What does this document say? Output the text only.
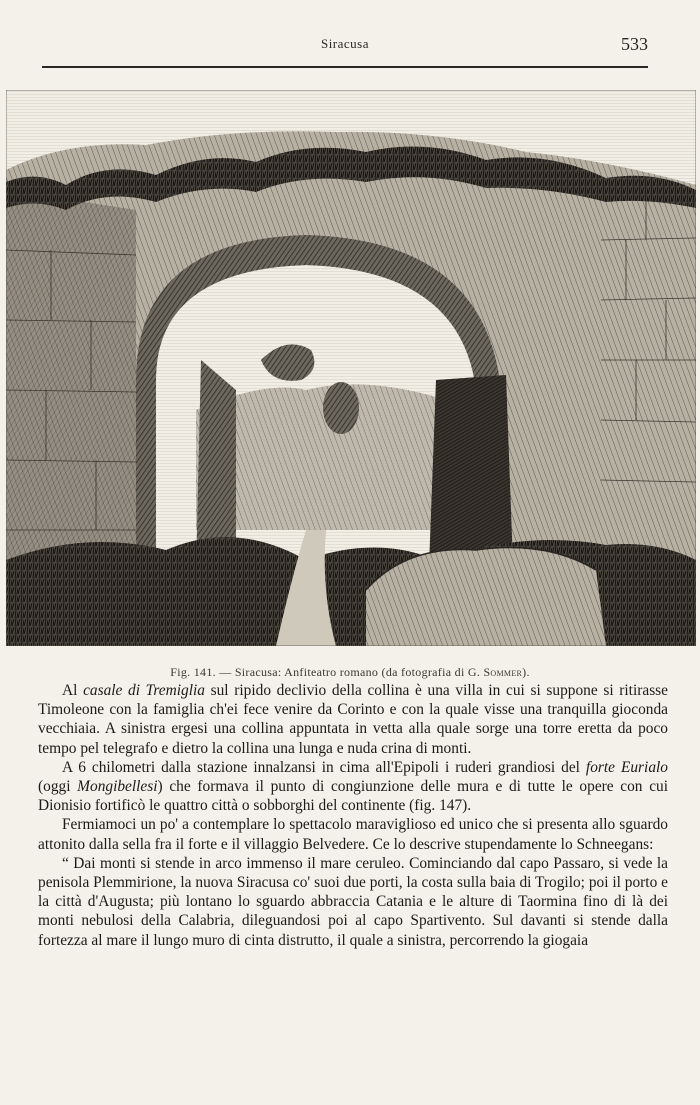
Siracusa	533
Fig. 141. — Siracusa: Anfiteatro romano (da fotografia di G. Sommer).

Al casale di Tremiglia sul ripido declivio della collina è una villa in cui si suppone si ritirasse Timoleone con la famiglia ch'ei fece venire da Corinto e con la quale visse una tranquilla gioconda vecchiaia. A sinistra ergesi una collina appuntata in vetta alla quale sorge una torre eretta da poco tempo pel telegrafo e dietro la collina una lunga e nuda crina di monti.

A 6 chilometri dalla stazione innalzansi in cima all'Epipoli i ruderi grandiosi del forte Eurialo (oggi Mongibellesi) che formava il punto di congiunzione delle mura e di tutte le opere con cui Dionisio fortificò le quattro città o sobborghi del continente (fig. 147).

Fermiamoci un po' a contemplare lo spettacolo maraviglioso ed unico che si presenta allo sguardo attonito dalla sella fra il forte e il villaggio Belvedere. Ce lo descrive stupendamente lo Schneegans:

“ Dai monti si stende in arco immenso il mare ceruleo. Cominciando dal capo Passaro, si vede la penisola Plemmirione, la nuova Siracusa co' suoi due porti, la costa sulla baia di Trogilo; poi il porto e la città d'Augusta; più lontano lo sguardo abbraccia Catania e le alture di Taormina fino di là dei monti nebulosi della Calabria, dileguandosi poi al capo Spartivento. Sul davanti si stende dalla fortezza al mare il lungo muro di cinta distrutto, il quale a sinistra, percorrendo la giogaia
